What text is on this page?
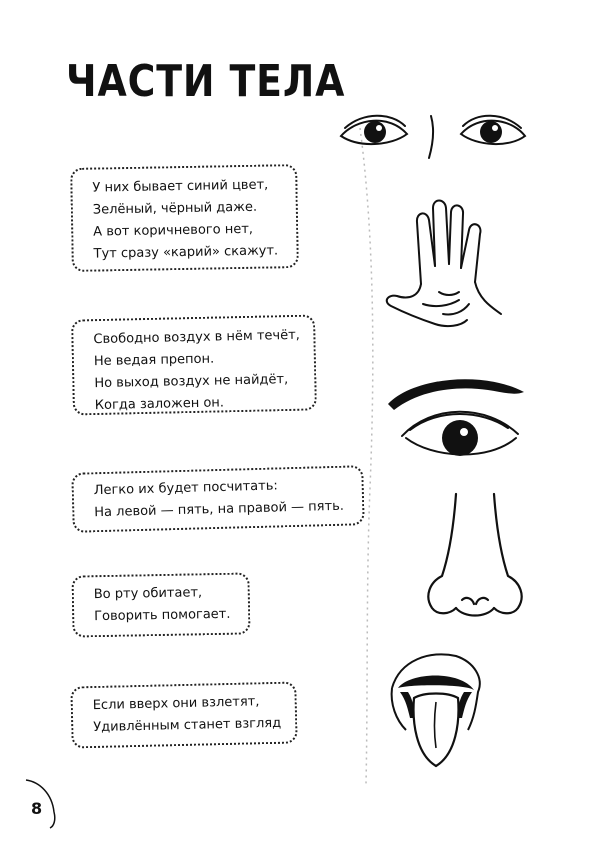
ЧАСТИ ТЕЛА
У них бывает синий цвет,
Зелёный, чёрный даже.
А вот коричневого нет,
Тут сразу «карий» скажут.
Свободно воздух в нём течёт,
Не ведая препон.
Но выход воздух не найдёт,
Когда заложен он.
Легко их будет посчитать:
На левой — пять, на правой — пять.
Во рту обитает,
Говорить помогает.
Если вверх они взлетят,
Удивлённым станет взгляд
8
